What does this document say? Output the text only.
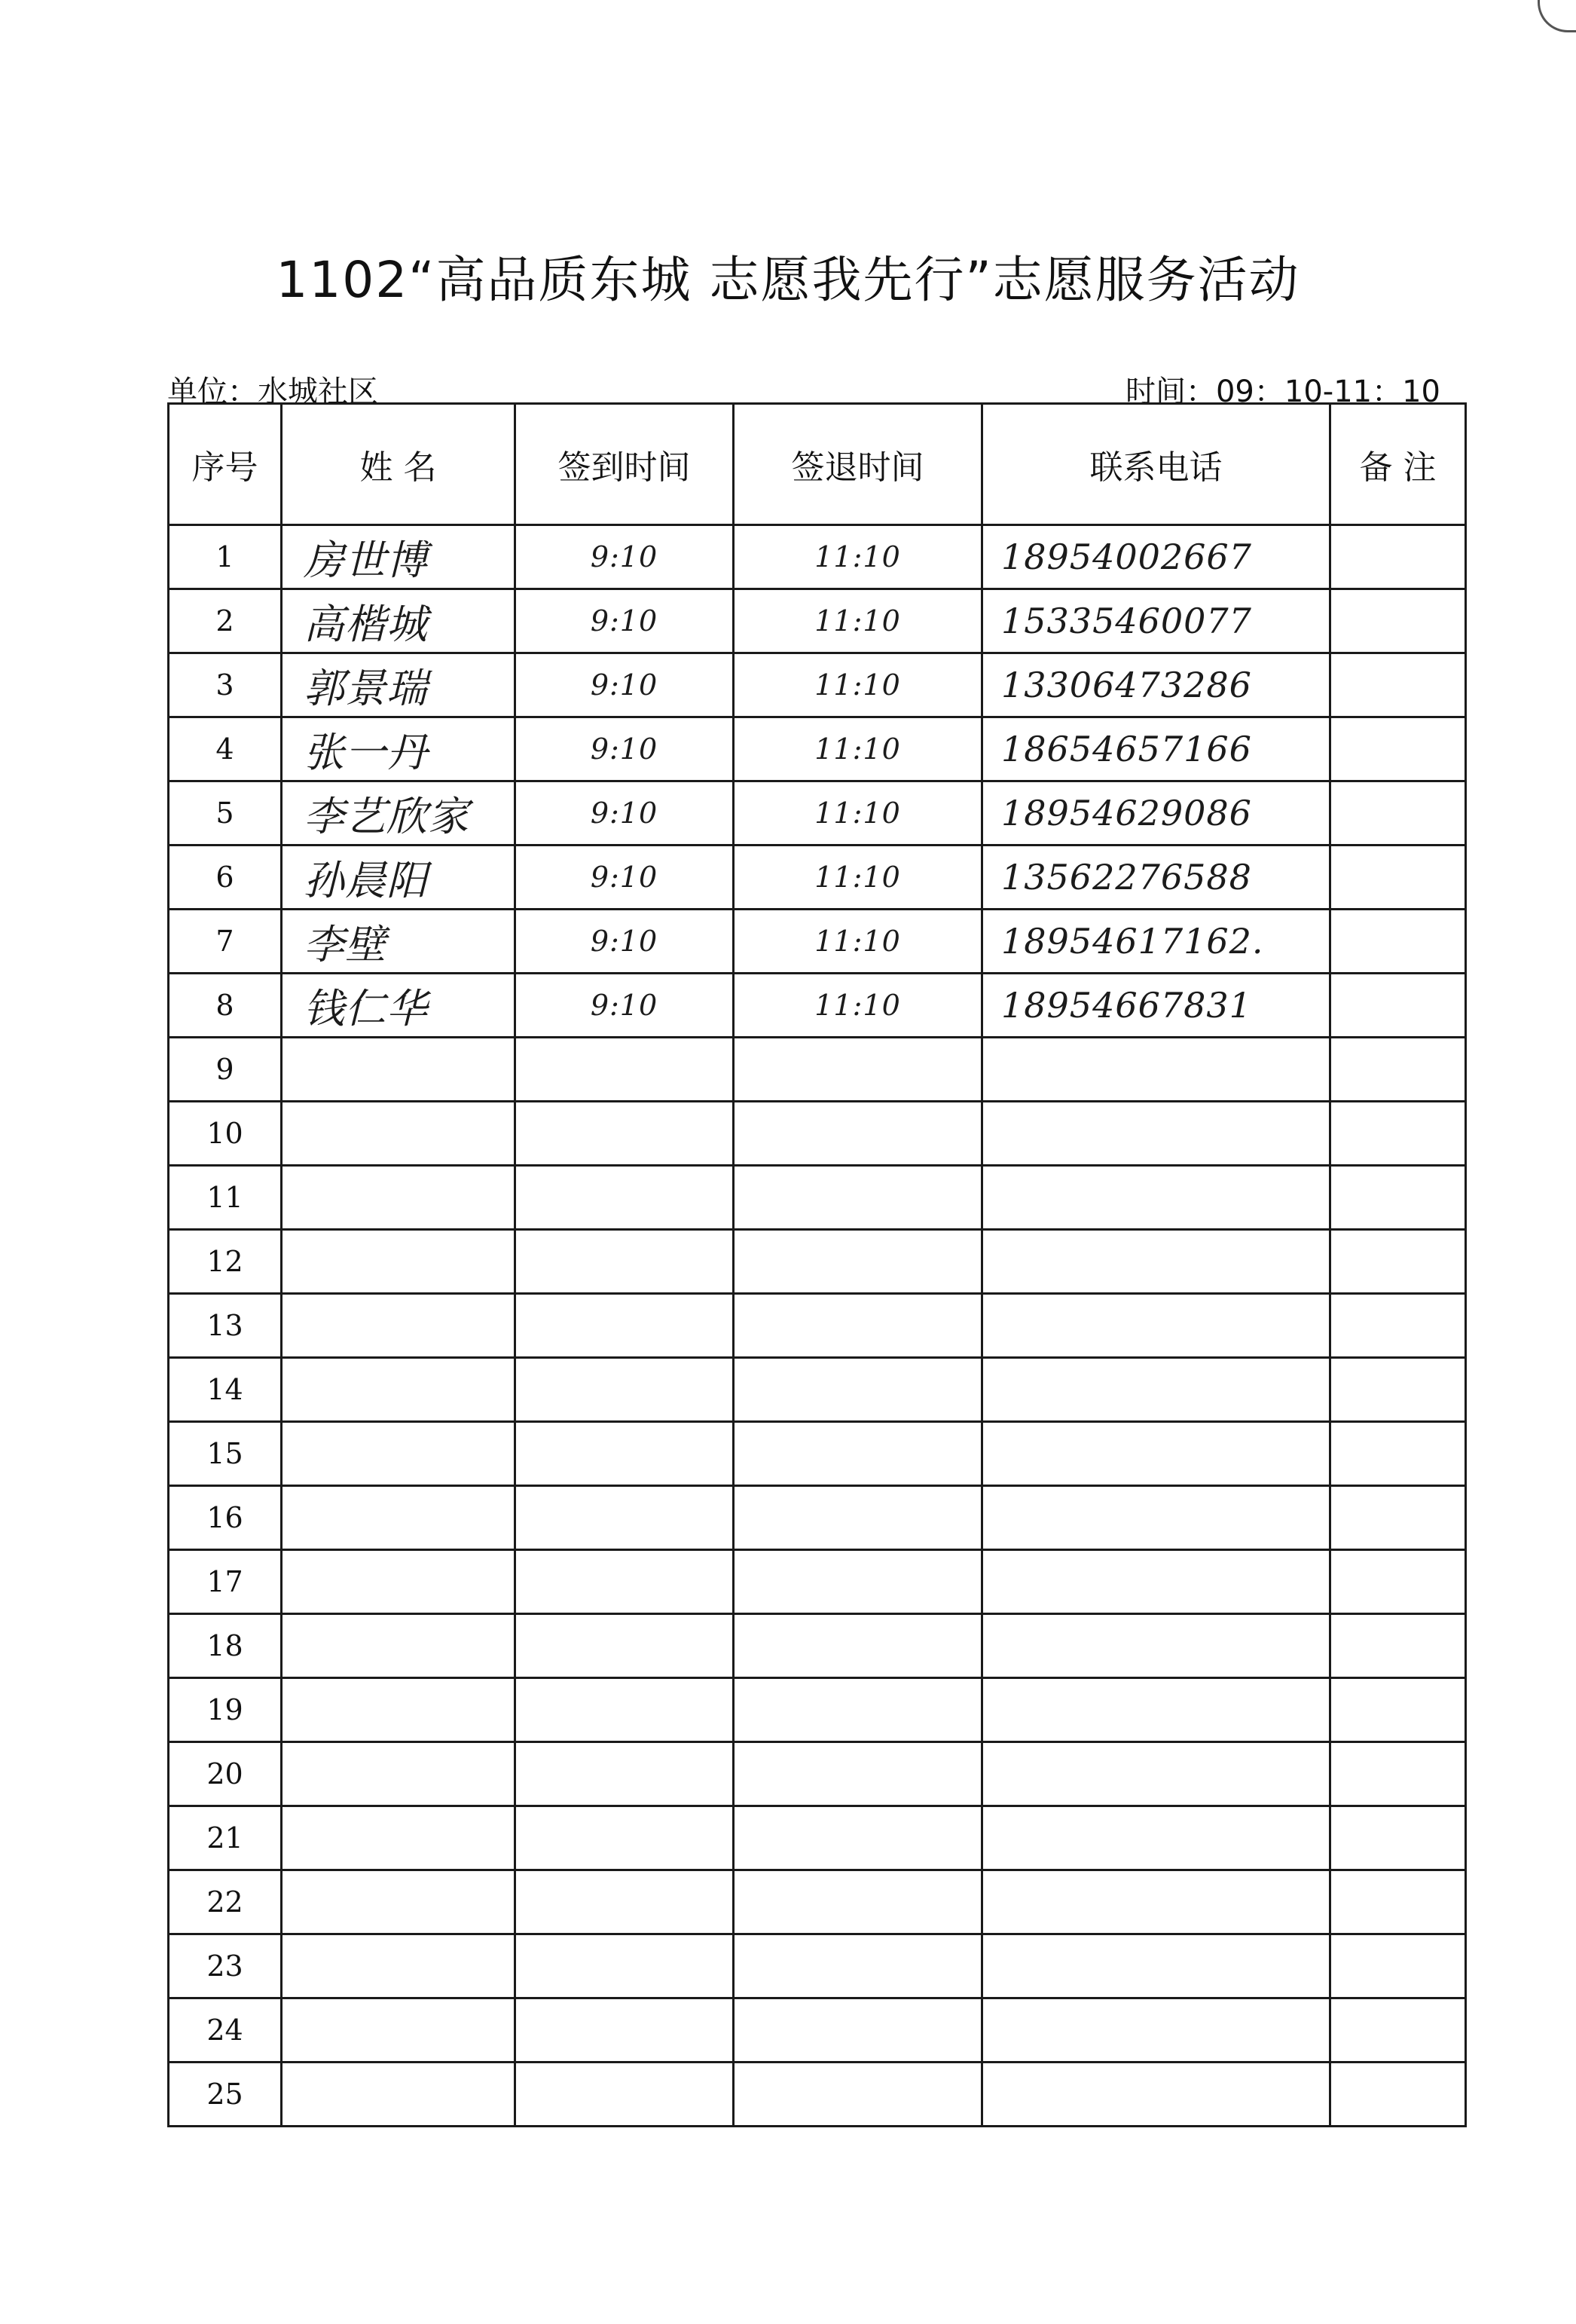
1102“高品质东城 志愿我先行”志愿服务活动
单位：水城社区	时间：09：10-11：10
序号	姓 名	签到时间	签退时间	联系电话	备 注
1	房世博	9:10	11:10	18954002667	
2	高楷城	9:10	11:10	15335460077	
3	郭景瑞	9:10	11:10	13306473286	
4	张一丹	9:10	11:10	18654657166	
5	李艺欣家	9:10	11:10	18954629086	
6	孙晨阳	9:10	11:10	13562276588	
7	李壁	9:10	11:10	18954617162.	
8	钱仁华	9:10	11:10	18954667831	
9					
10					
11					
12					
13					
14					
15					
16					
17					
18					
19					
20					
21					
22					
23					
24					
25					
